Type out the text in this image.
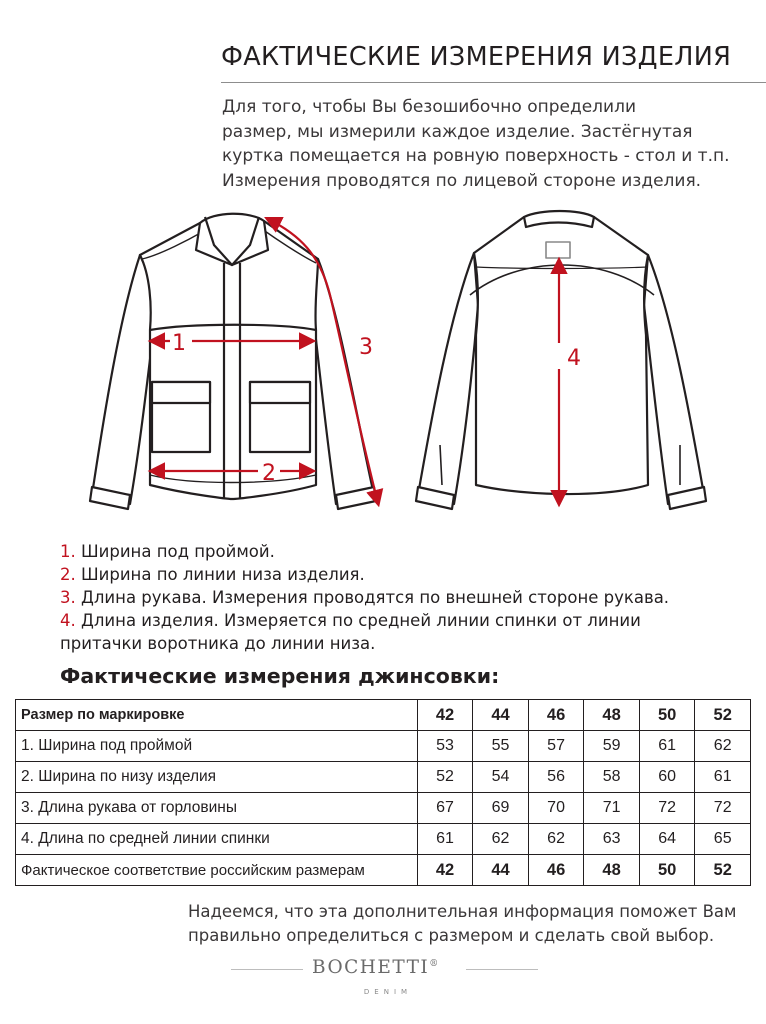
ФАКТИЧЕСКИЕ ИЗМЕРЕНИЯ ИЗДЕЛИЯ
Для того, чтобы Вы безошибочно определили
размер, мы измерили каждое изделие. Застёгнутая
куртка помещается на ровную поверхность - стол и т.п.
Измерения проводятся по лицевой стороне изделия.
1
2
3	4
1. Ширина под проймой.
2. Ширина по линии низа изделия.
3. Длина рукава. Измерения проводятся по внешней стороне рукава.
4. Длина изделия. Измеряется по средней линии спинки от линии
притачки воротника до линии низа.
Фактические измерения джинсовки:
Размер по маркировке	42	44	46	48	50	52
1. Ширина под проймой	53	55	57	59	61	62
2. Ширина по низу изделия	52	54	56	58	60	61
3. Длина рукава от горловины	67	69	70	71	72	72
4. Длина по средней линии спинки	61	62	62	63	64	65
Фактическое соответствие российским размерам	42	44	46	48	50	52
Надеемся, что эта дополнительная информация поможет Вам
правильно определиться с размером и сделать свой выбор.
BOCHETTI®
DENIM
